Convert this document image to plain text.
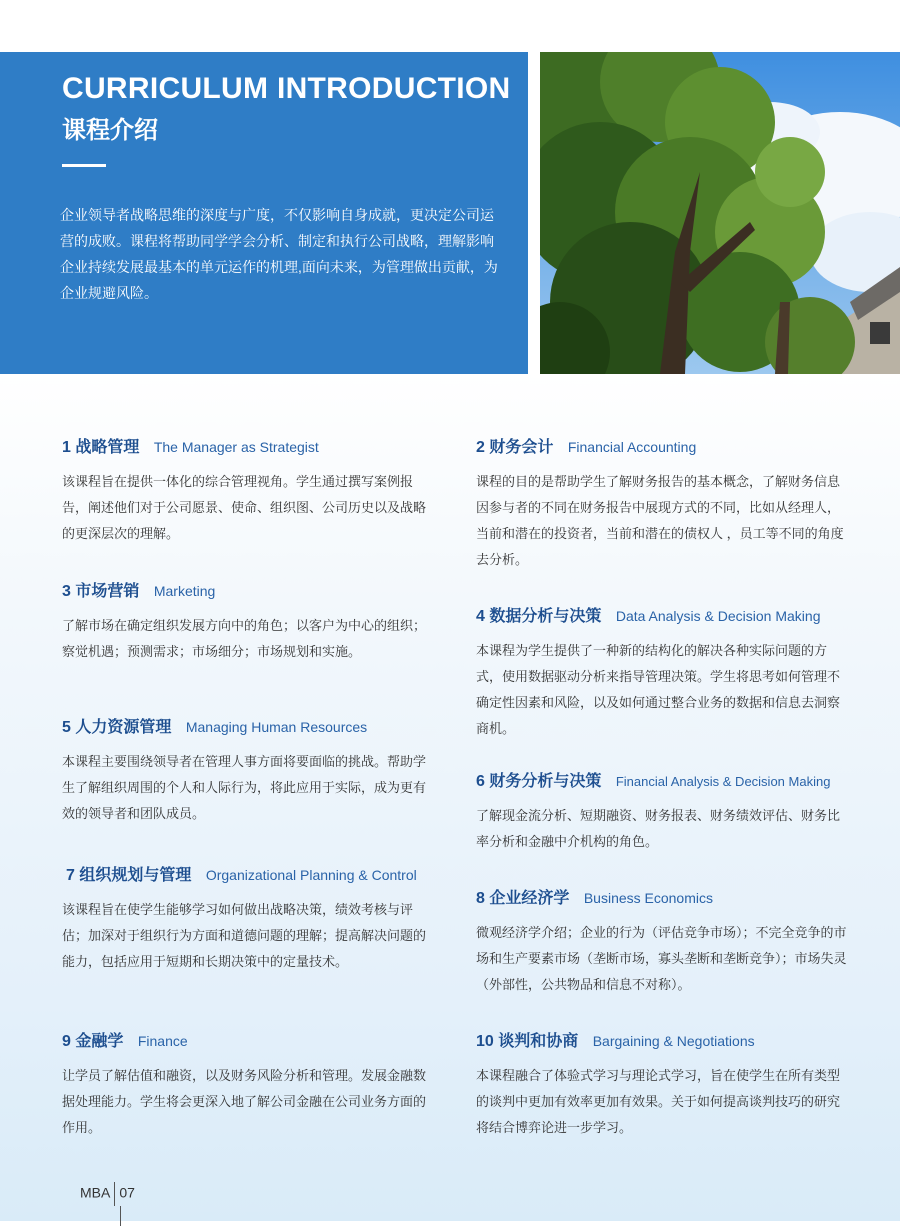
CURRICULUM INTRODUCTION
课程介绍
企业领导者战略思维的深度与广度，不仅影响自身成就，更决定公司运营的成败。课程将帮助同学学会分析、制定和执行公司战略，理解影响企业持续发展最基本的单元运作的机理,面向未来，为管理做出贡献，为企业规避风险。
1 战略管理 The Manager as Strategist
该课程旨在提供一体化的综合管理视角。学生通过撰写案例报告，阐述他们对于公司愿景、使命、组织图、公司历史以及战略的更深层次的理解。
3 市场营销 Marketing
了解市场在确定组织发展方向中的角色；以客户为中心的组织；察觉机遇；预测需求；市场细分；市场规划和实施。
5 人力资源管理 Managing Human Resources
本课程主要围绕领导者在管理人事方面将要面临的挑战。帮助学生了解组织周围的个人和人际行为，将此应用于实际，成为更有效的领导者和团队成员。
7 组织规划与管理 Organizational Planning & Control
该课程旨在使学生能够学习如何做出战略决策，绩效考核与评估；加深对于组织行为方面和道德问题的理解；提高解决问题的能力，包括应用于短期和长期决策中的定量技术。
9 金融学 Finance
让学员了解估值和融资，以及财务风险分析和管理。发展金融数据处理能力。学生将会更深入地了解公司金融在公司业务方面的作用。
2 财务会计 Financial Accounting
课程的目的是帮助学生了解财务报告的基本概念，了解财务信息因参与者的不同在财务报告中展现方式的不同，比如从经理人，当前和潜在的投资者，当前和潜在的债权人 ，员工等不同的角度去分析。
4 数据分析与决策 Data Analysis & Decision Making
本课程为学生提供了一种新的结构化的解决各种实际问题的方式，使用数据驱动分析来指导管理决策。学生将思考如何管理不确定性因素和风险，以及如何通过整合业务的数据和信息去洞察商机。
6 财务分析与决策 Financial Analysis & Decision Making
了解现金流分析、短期融资、财务报表、财务绩效评估、财务比率分析和金融中介机构的角色。
8 企业经济学 Business Economics
微观经济学介绍；企业的行为（评估竞争市场）；不完全竞争的市场和生产要素市场（垄断市场，寡头垄断和垄断竞争）；市场失灵（外部性，公共物品和信息不对称）。
10 谈判和协商 Bargaining & Negotiations
本课程融合了体验式学习与理论式学习，旨在使学生在所有类型的谈判中更加有效率更加有效果。关于如何提高谈判技巧的研究将结合博弈论进一步学习。
MBA 07
